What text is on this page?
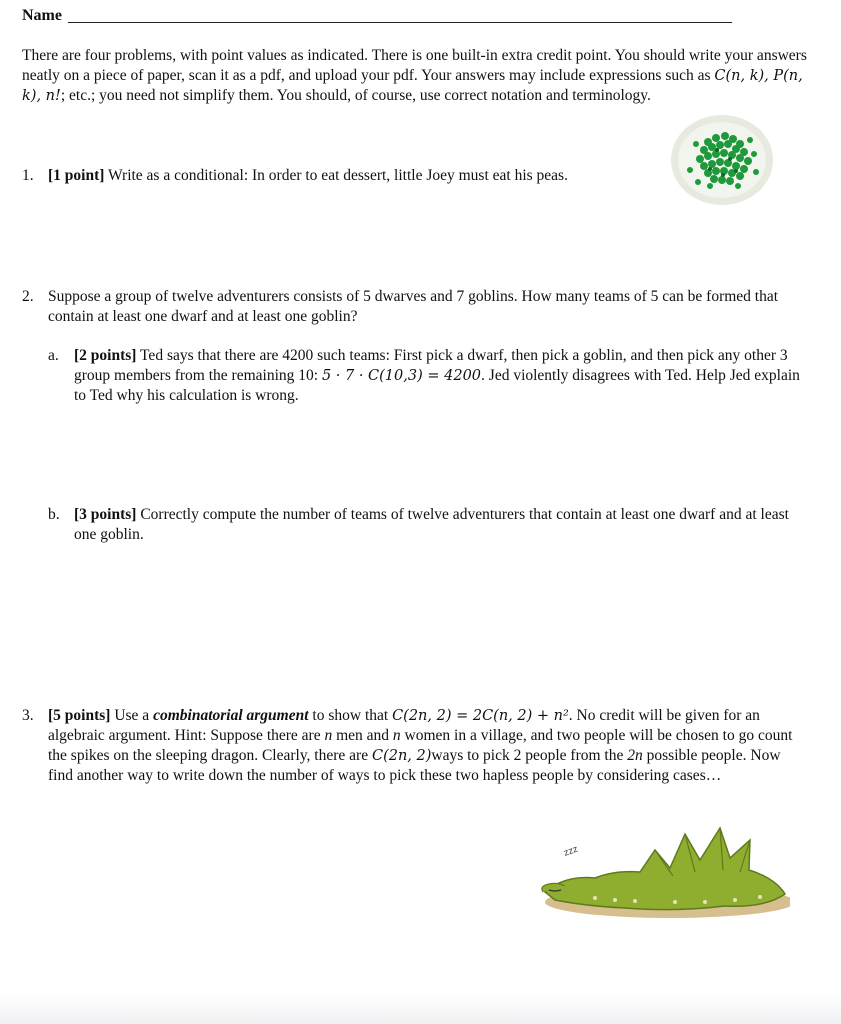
Name
There are four problems, with point values as indicated. There is one built-in extra credit point. You should write your answers neatly on a piece of paper, scan it as a pdf, and upload your pdf. Your answers may include expressions such as C(n, k), P(n, k), n!; etc.; you need not simplify them. You should, of course, use correct notation and terminology.
1. [1 point] Write as a conditional: In order to eat dessert, little Joey must eat his peas.
2. Suppose a group of twelve adventurers consists of 5 dwarves and 7 goblins. How many teams of 5 can be formed that contain at least one dwarf and at least one goblin?
a. [2 points] Ted says that there are 4200 such teams: First pick a dwarf, then pick a goblin, and then pick any other 3 group members from the remaining 10: 5 · 7 · C(10,3) = 4200. Jed violently disagrees with Ted. Help Jed explain to Ted why his calculation is wrong.
b. [3 points] Correctly compute the number of teams of twelve adventurers that contain at least one dwarf and at least one goblin.
3. [5 points] Use a combinatorial argument to show that C(2n, 2) = 2C(n, 2) + n². No credit will be given for an algebraic argument. Hint: Suppose there are n men and n women in a village, and two people will be chosen to go count the spikes on the sleeping dragon. Clearly, there are C(2n, 2)ways to pick 2 people from the 2n possible people. Now find another way to write down the number of ways to pick these two hapless people by considering cases…
zzz
